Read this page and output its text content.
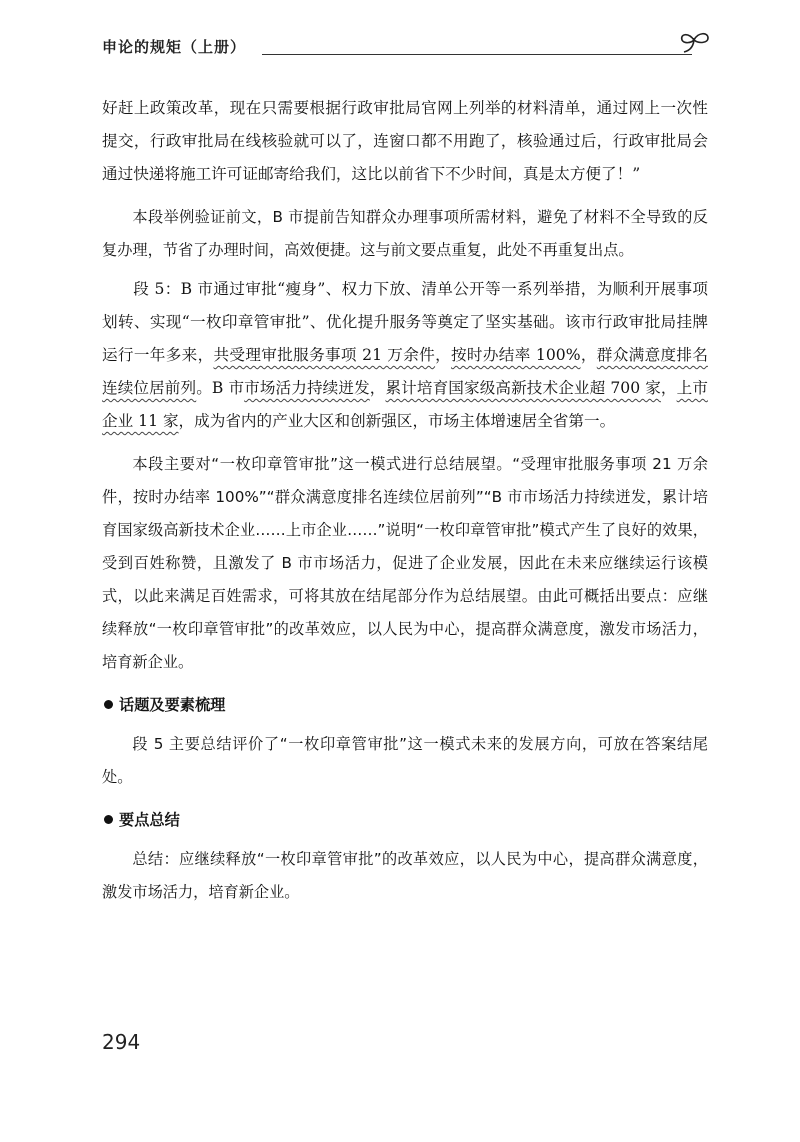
申论的规矩（上册）

好赶上政策改革，现在只需要根据行政审批局官网上列举的材料清单，通过网上一次性提交，行政审批局在线核验就可以了，连窗口都不用跑了，核验通过后，行政审批局会通过快递将施工许可证邮寄给我们，这比以前省下不少时间，真是太方便了！”

本段举例验证前文，B 市提前告知群众办理事项所需材料，避免了材料不全导致的反复办理，节省了办理时间，高效便捷。这与前文要点重复，此处不再重复出点。

段 5：B 市通过审批“瘦身”、权力下放、清单公开等一系列举措，为顺利开展事项划转、实现“一枚印章管审批”、优化提升服务等奠定了坚实基础。该市行政审批局挂牌运行一年多来，共受理审批服务事项 21 万余件，按时办结率 100%，群众满意度排名连续位居前列。B 市市场活力持续迸发，累计培育国家级高新技术企业超 700 家，上市企业 11 家，成为省内的产业大区和创新强区，市场主体增速居全省第一。

本段主要对“一枚印章管审批”这一模式进行总结展望。“受理审批服务事项 21 万余件，按时办结率 100%”“群众满意度排名连续位居前列”“B 市市场活力持续迸发，累计培育国家级高新技术企业……上市企业……”说明“一枚印章管审批”模式产生了良好的效果，受到百姓称赞，且激发了 B 市市场活力，促进了企业发展，因此在未来应继续运行该模式，以此来满足百姓需求，可将其放在结尾部分作为总结展望。由此可概括出要点：应继续释放“一枚印章管审批”的改革效应，以人民为中心，提高群众满意度，激发市场活力，培育新企业。

话题及要素梳理

段 5 主要总结评价了“一枚印章管审批”这一模式未来的发展方向，可放在答案结尾处。

要点总结

总结：应继续释放“一枚印章管审批”的改革效应，以人民为中心，提高群众满意度，激发市场活力，培育新企业。

294
